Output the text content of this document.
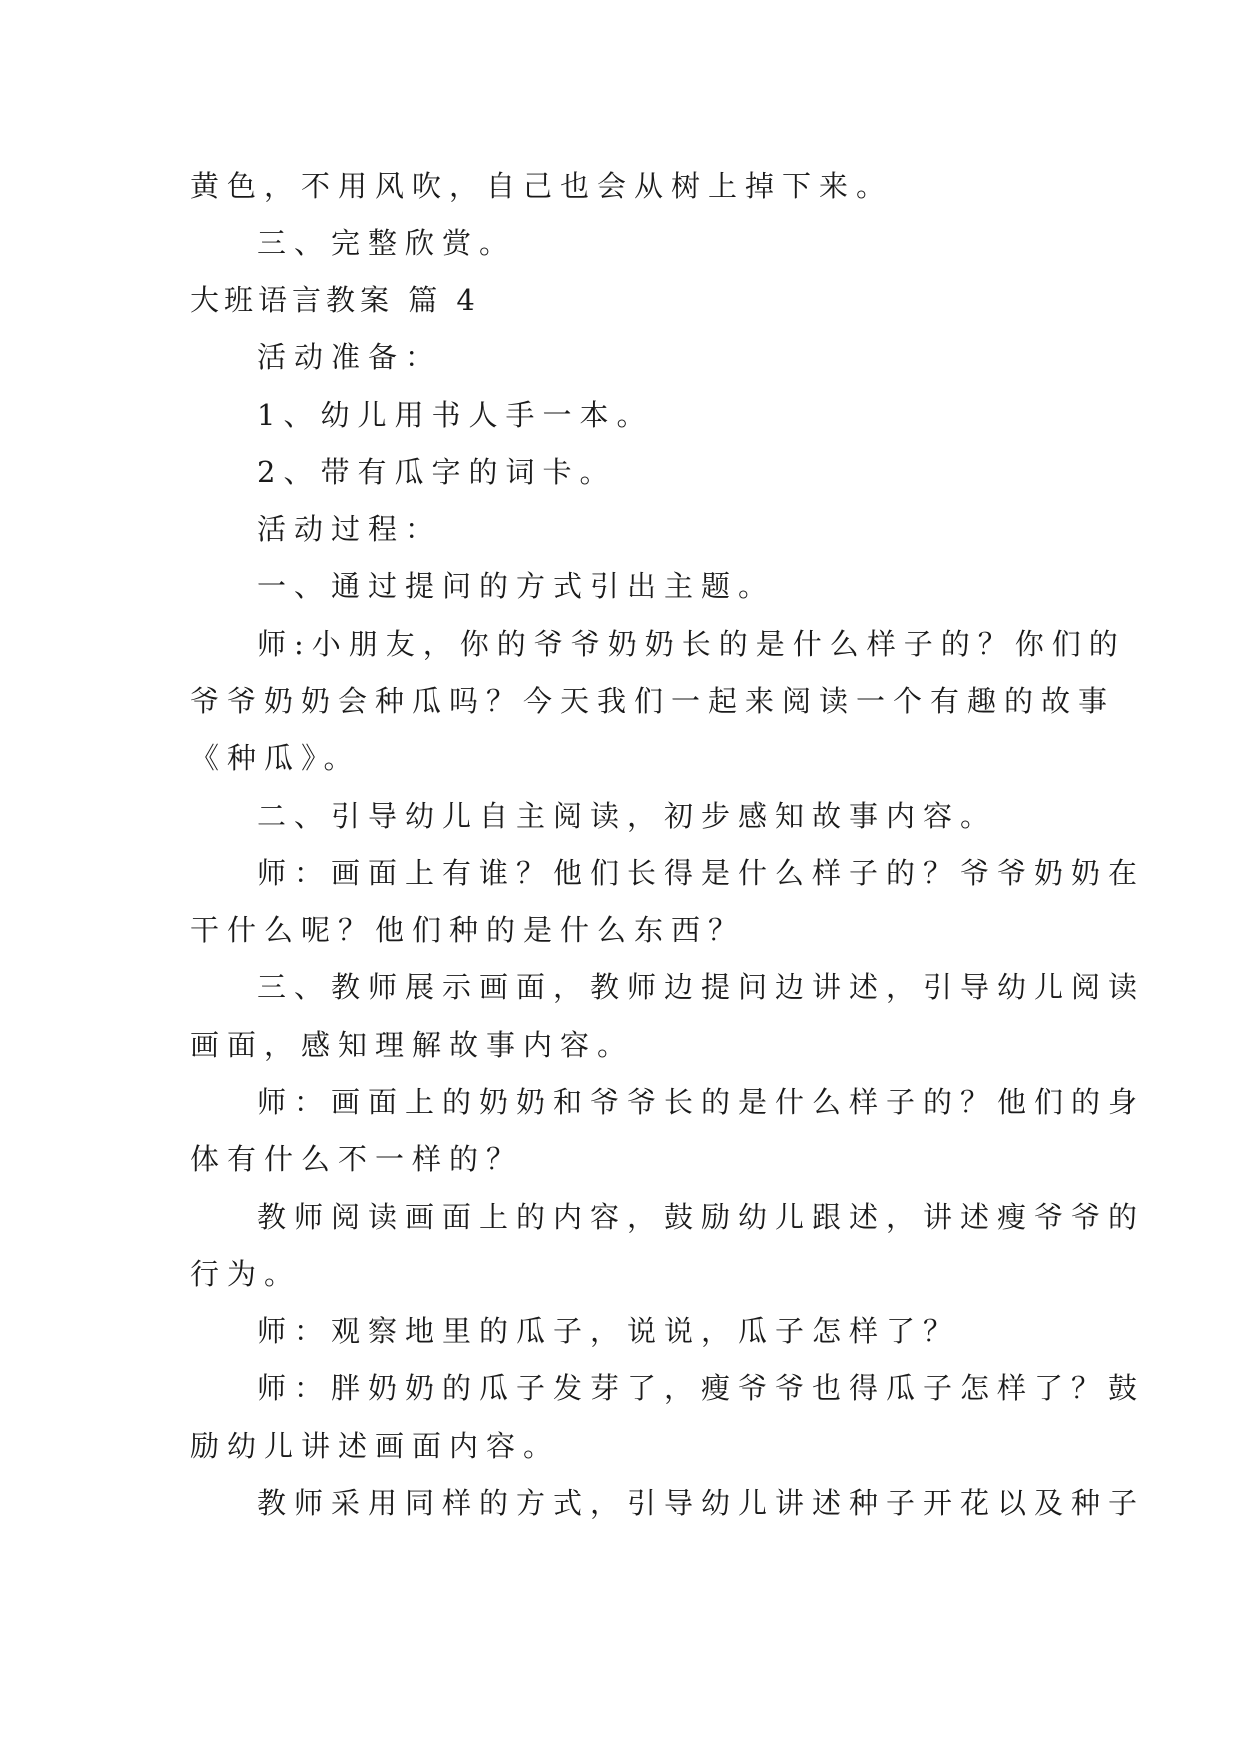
黄色，不用风吹，自己也会从树上掉下来。
三、完整欣赏。
大班语言教案 篇 4
活动准备：
1、幼儿用书人手一本。
2、带有瓜字的词卡。
活动过程：
一、通过提问的方式引出主题。
师:小朋友，你的爷爷奶奶长的是什么样子的？你们的
爷爷奶奶会种瓜吗？今天我们一起来阅读一个有趣的故事
《种瓜》。
二、引导幼儿自主阅读，初步感知故事内容。
师：画面上有谁？他们长得是什么样子的？爷爷奶奶在
干什么呢？他们种的是什么东西？
三、教师展示画面，教师边提问边讲述，引导幼儿阅读
画面，感知理解故事内容。
师：画面上的奶奶和爷爷长的是什么样子的？他们的身
体有什么不一样的？
教师阅读画面上的内容，鼓励幼儿跟述，讲述瘦爷爷的
行为。
师：观察地里的瓜子，说说，瓜子怎样了？
师：胖奶奶的瓜子发芽了，瘦爷爷也得瓜子怎样了？鼓
励幼儿讲述画面内容。
教师采用同样的方式，引导幼儿讲述种子开花以及种子
